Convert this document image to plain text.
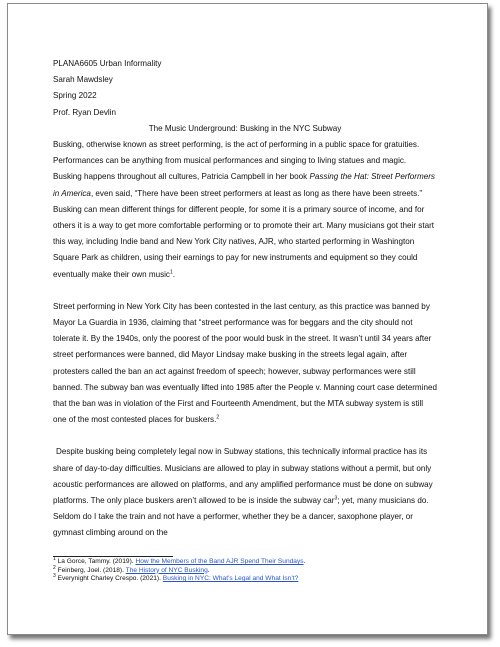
PLANA6605 Urban Informality
Sarah Mawdsley
Spring 2022
Prof. Ryan Devlin
The Music Underground: Busking in the NYC Subway

Busking, otherwise known as street performing, is the act of performing in a public space for gratuities. Performances can be anything from musical performances and singing to living statues and magic. Busking happens throughout all cultures, Patricia Campbell in her book Passing the Hat: Street Performers in America, even said, “There have been street performers at least as long as there have been streets.” Busking can mean different things for different people, for some it is a primary source of income, and for others it is a way to get more comfortable performing or to promote their art. Many musicians got their start this way, including Indie band and New York City natives, AJR, who started performing in Washington Square Park as children, using their earnings to pay for new instruments and equipment so they could eventually make their own music$^1$.

Street performing in New York City has been contested in the last century, as this practice was banned by Mayor La Guardia in 1936, claiming that “street performance was for beggars and the city should not tolerate it. By the 1940s, only the poorest of the poor would busk in the street. It wasn’t until 34 years after street performances were banned, did Mayor Lindsay make busking in the streets legal again, after protesters called the ban an act against freedom of speech; however, subway performances were still banned. The subway ban was eventually lifted into 1985 after the People v. Manning court case determined that the ban was in violation of the First and Fourteenth Amendment, but the MTA subway system is still one of the most contested places for buskers.$^2$

Despite busking being completely legal now in Subway stations, this technically informal practice has its share of day-to-day difficulties. Musicians are allowed to play in subway stations without a permit, but only acoustic performances are allowed on platforms, and any amplified performance must be done on subway platforms. The only place buskers aren’t allowed to be is inside the subway car$^3$; yet, many musicians do. Seldom do I take the train and not have a performer, whether they be a dancer, saxophone player, or gymnast climbing around on the

$^1$ La Gorce, Tammy. (2019). How the Members of the Band AJR Spend Their Sundays.
$^2$ Feinberg, Joel. (2018). The History of NYC Busking.
$^3$ Everynight Charley Crespo. (2021). Busking in NYC: What’s Legal and What Isn’t?
